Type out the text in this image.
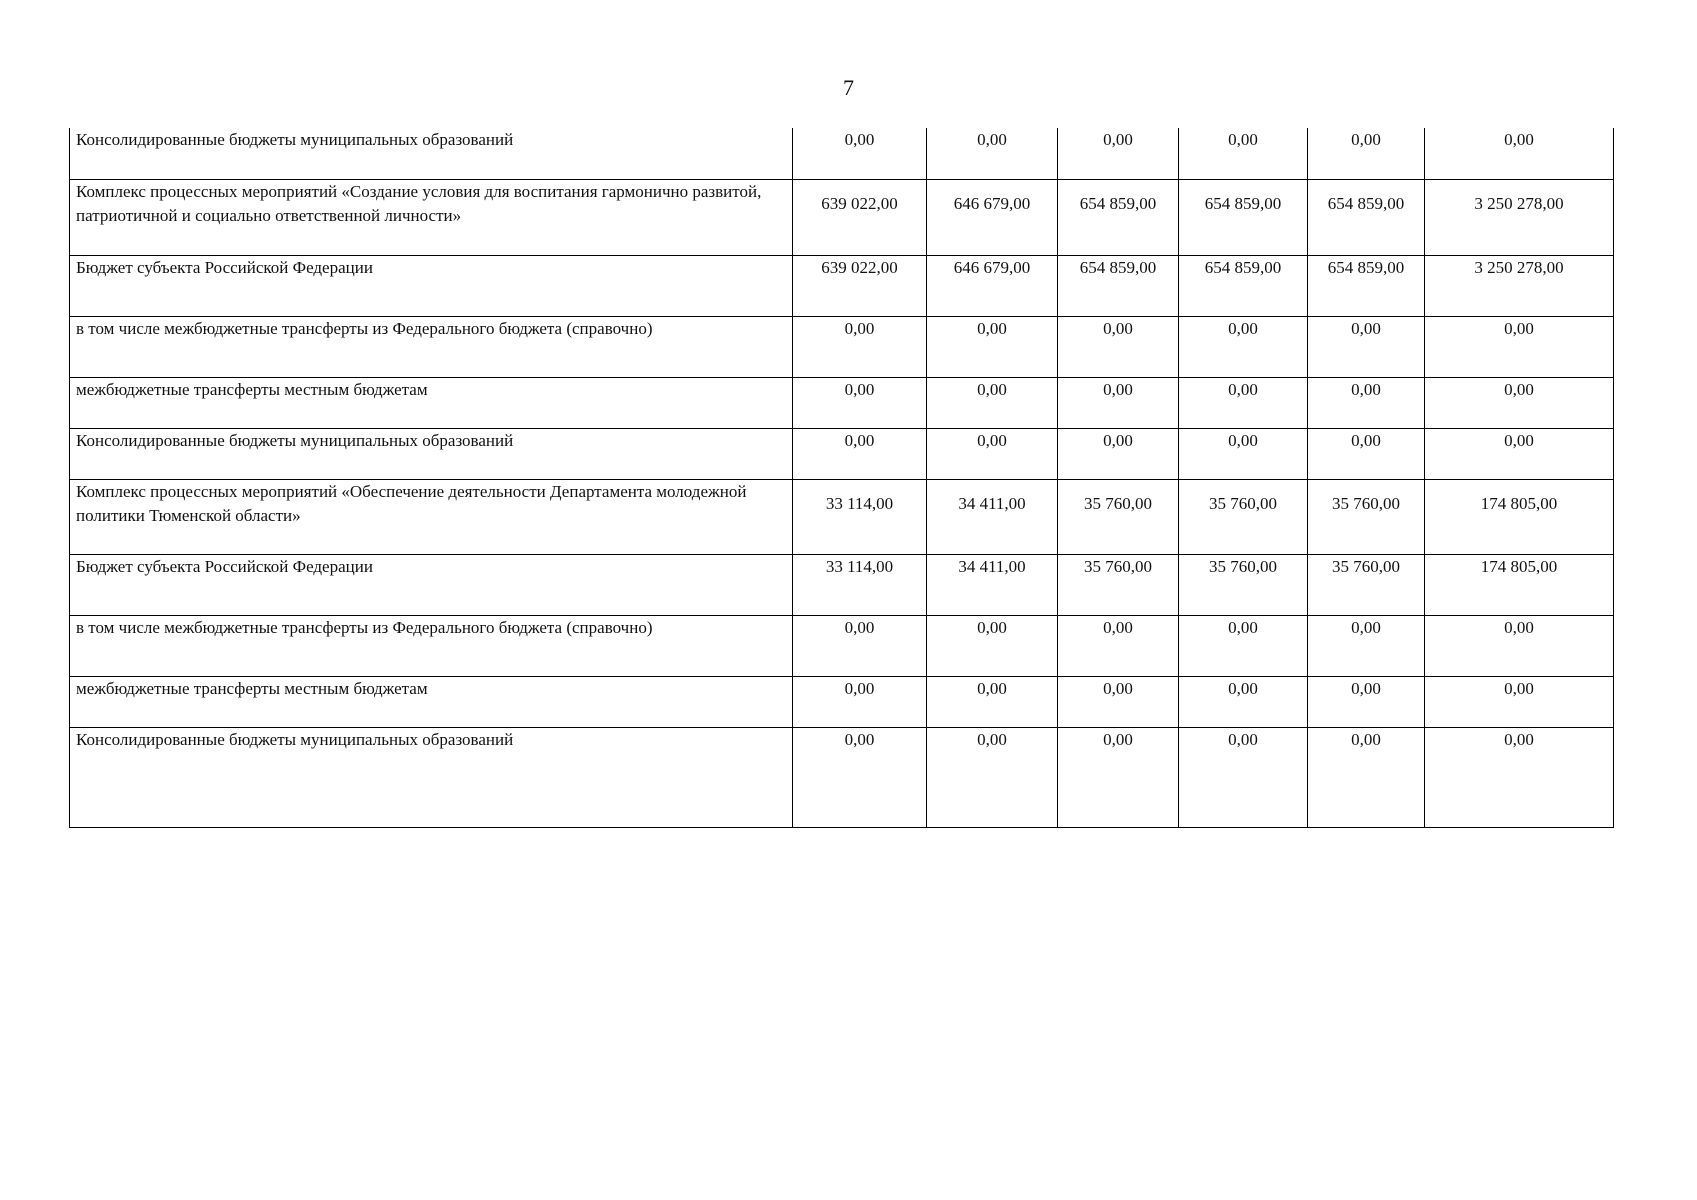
7
Консолидированные бюджеты муниципальных образований	0,00	0,00	0,00	0,00	0,00	0,00
Комплекс процессных мероприятий «Создание условия для воспитания гармонично развитой, патриотичной и социально ответственной личности»	639 022,00	646 679,00	654 859,00	654 859,00	654 859,00	3 250 278,00
Бюджет субъекта Российской Федерации	639 022,00	646 679,00	654 859,00	654 859,00	654 859,00	3 250 278,00
в том числе межбюджетные трансферты из Федерального бюджета (справочно)	0,00	0,00	0,00	0,00	0,00	0,00
межбюджетные трансферты местным бюджетам	0,00	0,00	0,00	0,00	0,00	0,00
Консолидированные бюджеты муниципальных образований	0,00	0,00	0,00	0,00	0,00	0,00
Комплекс процессных мероприятий «Обеспечение деятельности Департамента молодежной политики Тюменской области»	33 114,00	34 411,00	35 760,00	35 760,00	35 760,00	174 805,00
Бюджет субъекта Российской Федерации	33 114,00	34 411,00	35 760,00	35 760,00	35 760,00	174 805,00
в том числе межбюджетные трансферты из Федерального бюджета (справочно)	0,00	0,00	0,00	0,00	0,00	0,00
межбюджетные трансферты местным бюджетам	0,00	0,00	0,00	0,00	0,00	0,00
Консолидированные бюджеты муниципальных образований	0,00	0,00	0,00	0,00	0,00	0,00
